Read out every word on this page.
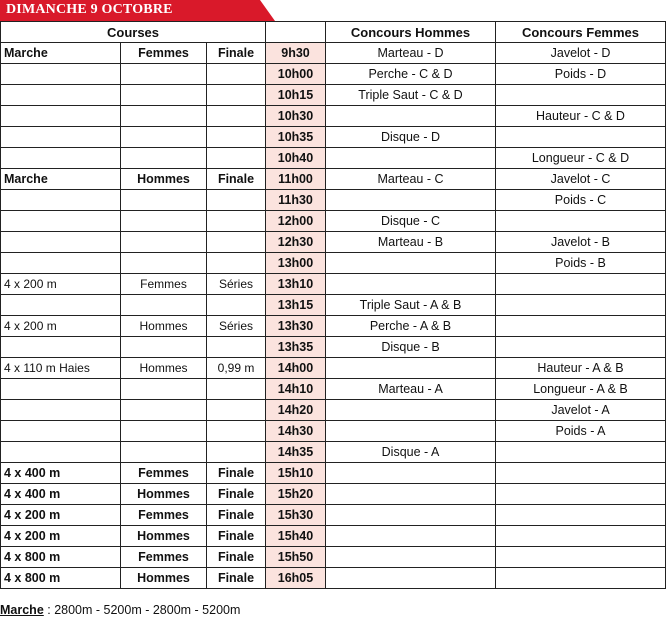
DIMANCHE 9 OCTOBRE
Courses				Concours Hommes	Concours Femmes
Marche	Femmes	Finale	9h30	Marteau - D	Javelot - D
			10h00	Perche - C & D	Poids - D
			10h15	Triple Saut - C & D	
			10h30		Hauteur - C & D
			10h35	Disque - D	
			10h40		Longueur - C & D
Marche	Hommes	Finale	11h00	Marteau - C	Javelot - C
			11h30		Poids - C
			12h00	Disque - C	
			12h30	Marteau - B	Javelot - B
			13h00		Poids - B
4 x 200 m	Femmes	Séries	13h10		
			13h15	Triple Saut - A & B	
4 x 200 m	Hommes	Séries	13h30	Perche - A & B	
			13h35	Disque - B	
4 x 110 m Haies	Hommes	0,99 m	14h00		Hauteur - A & B
			14h10	Marteau - A	Longueur - A & B
			14h20		Javelot - A
			14h30		Poids - A
			14h35	Disque - A	
4 x 400 m	Femmes	Finale	15h10		
4 x 400 m	Hommes	Finale	15h20		
4 x 200 m	Femmes	Finale	15h30		
4 x 200 m	Hommes	Finale	15h40		
4 x 800 m	Femmes	Finale	15h50		
4 x 800 m	Hommes	Finale	16h05		
Marche : 2800m - 5200m - 2800m - 5200m
